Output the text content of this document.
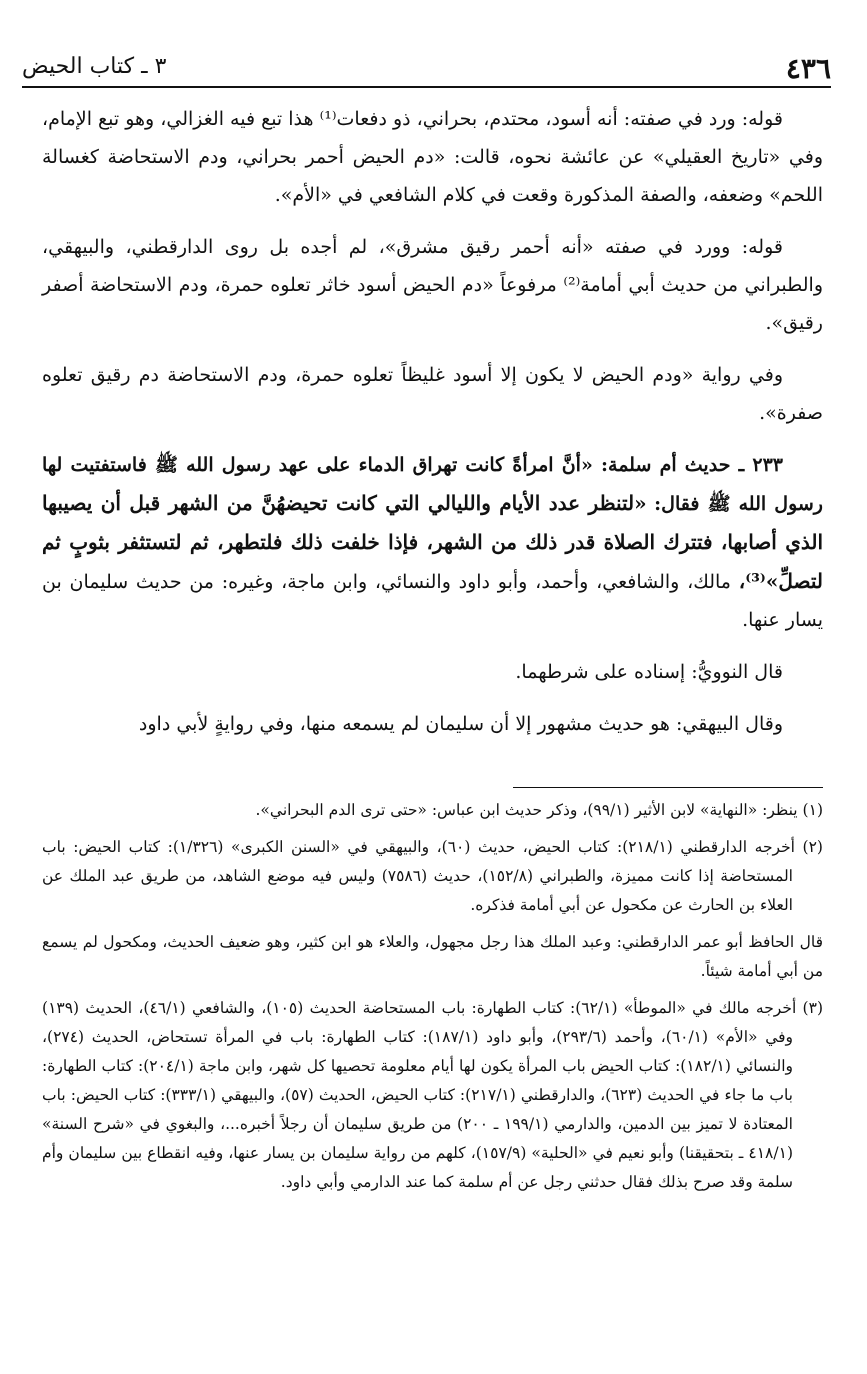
٤٣٦
٣ ـ كتاب الحيض

قوله: ورد في صفته: أنه أسود، محتدم، بحراني، ذو دفعات⁽¹⁾ هذا تبع فيه الغزالي، وهو تبع الإمام، وفي «تاريخ العقيلي» عن عائشة نحوه، قالت: «دم الحيض أحمر بحراني، ودم الاستحاضة كغسالة اللحم» وضعفه، والصفة المذكورة وقعت في كلام الشافعي في «الأم».

قوله: وورد في صفته «أنه أحمر رقيق مشرق»، لم أجده بل روى الدارقطني، والبيهقي، والطبراني من حديث أبي أمامة⁽²⁾ مرفوعاً «دم الحيض أسود خاثر تعلوه حمرة، ودم الاستحاضة أصفر رقيق».

وفي رواية «ودم الحيض لا يكون إلا أسود غليظاً تعلوه حمرة، ودم الاستحاضة دم رقيق تعلوه صفرة».

٢٣٣ ـ حديث أم سلمة: «أنَّ امرأةً كانت تهراق الدماء على عهد رسول الله ﷺ فاستفتيت لها رسول الله ﷺ فقال: «لتنظر عدد الأيام والليالي التي كانت تحيضهُنَّ من الشهر قبل أن يصيبها الذي أصابها، فتترك الصلاة قدر ذلك من الشهر، فإذا خلفت ذلك فلتطهر، ثم لتستثفر بثوبٍ ثم لتصلِّ»⁽³⁾، مالك، والشافعي، وأحمد، وأبو داود والنسائي، وابن ماجة، وغيره: من حديث سليمان بن يسار عنها.

قال النوويُّ: إسناده على شرطهما.

وقال البيهقي: هو حديث مشهور إلا أن سليمان لم يسمعه منها، وفي روايةٍ لأبي داود

(١) ينظر: «النهاية» لابن الأثير (٩٩/١)، وذكر حديث ابن عباس: «حتى ترى الدم البحراني».

(٢) أخرجه الدارقطني (٢١٨/١): كتاب الحيض، حديث (٦٠)، والبيهقي في «السنن الكبرى» (١/٣٢٦): كتاب الحيض: باب المستحاضة إذا كانت مميزة، والطبراني (١٥٢/٨)، حديث (٧٥٨٦) وليس فيه موضع الشاهد، من طريق عبد الملك عن العلاء بن الحارث عن مكحول عن أبي أمامة فذكره.

قال الحافظ أبو عمر الدارقطني: وعبد الملك هذا رجل مجهول، والعلاء هو ابن كثير، وهو ضعيف الحديث، ومكحول لم يسمع من أبي أمامة شيئاً.

(٣) أخرجه مالك في «الموطأ» (٦٢/١): كتاب الطهارة: باب المستحاضة الحديث (١٠٥)، والشافعي (٤٦/١)، الحديث (١٣٩) وفي «الأم» (٦٠/١)، وأحمد (٢٩٣/٦)، وأبو داود (١٨٧/١): كتاب الطهارة: باب في المرأة تستحاض، الحديث (٢٧٤)، والنسائي (١٨٢/١): كتاب الحيض باب المرأة يكون لها أيام معلومة تحصيها كل شهر، وابن ماجة (٢٠٤/١): كتاب الطهارة: باب ما جاء في الحديث (٦٢٣)، والدارقطني (٢١٧/١): كتاب الحيض، الحديث (٥٧)، والبيهقي (٣٣٣/١): كتاب الحيض: باب المعتادة لا تميز بين الدمين، والدارمي (١٩٩/١ ـ ٢٠٠) من طريق سليمان أن رجلاً أخبره...، والبغوي في «شرح السنة» (٤١٨/١ ـ بتحقيقنا) وأبو نعيم في «الحلية» (١٥٧/٩)، كلهم من رواية سليمان بن يسار عنها، وفيه انقطاع بين سليمان وأم سلمة وقد صرح بذلك فقال حدثني رجل عن أم سلمة كما عند الدارمي وأبي داود.
